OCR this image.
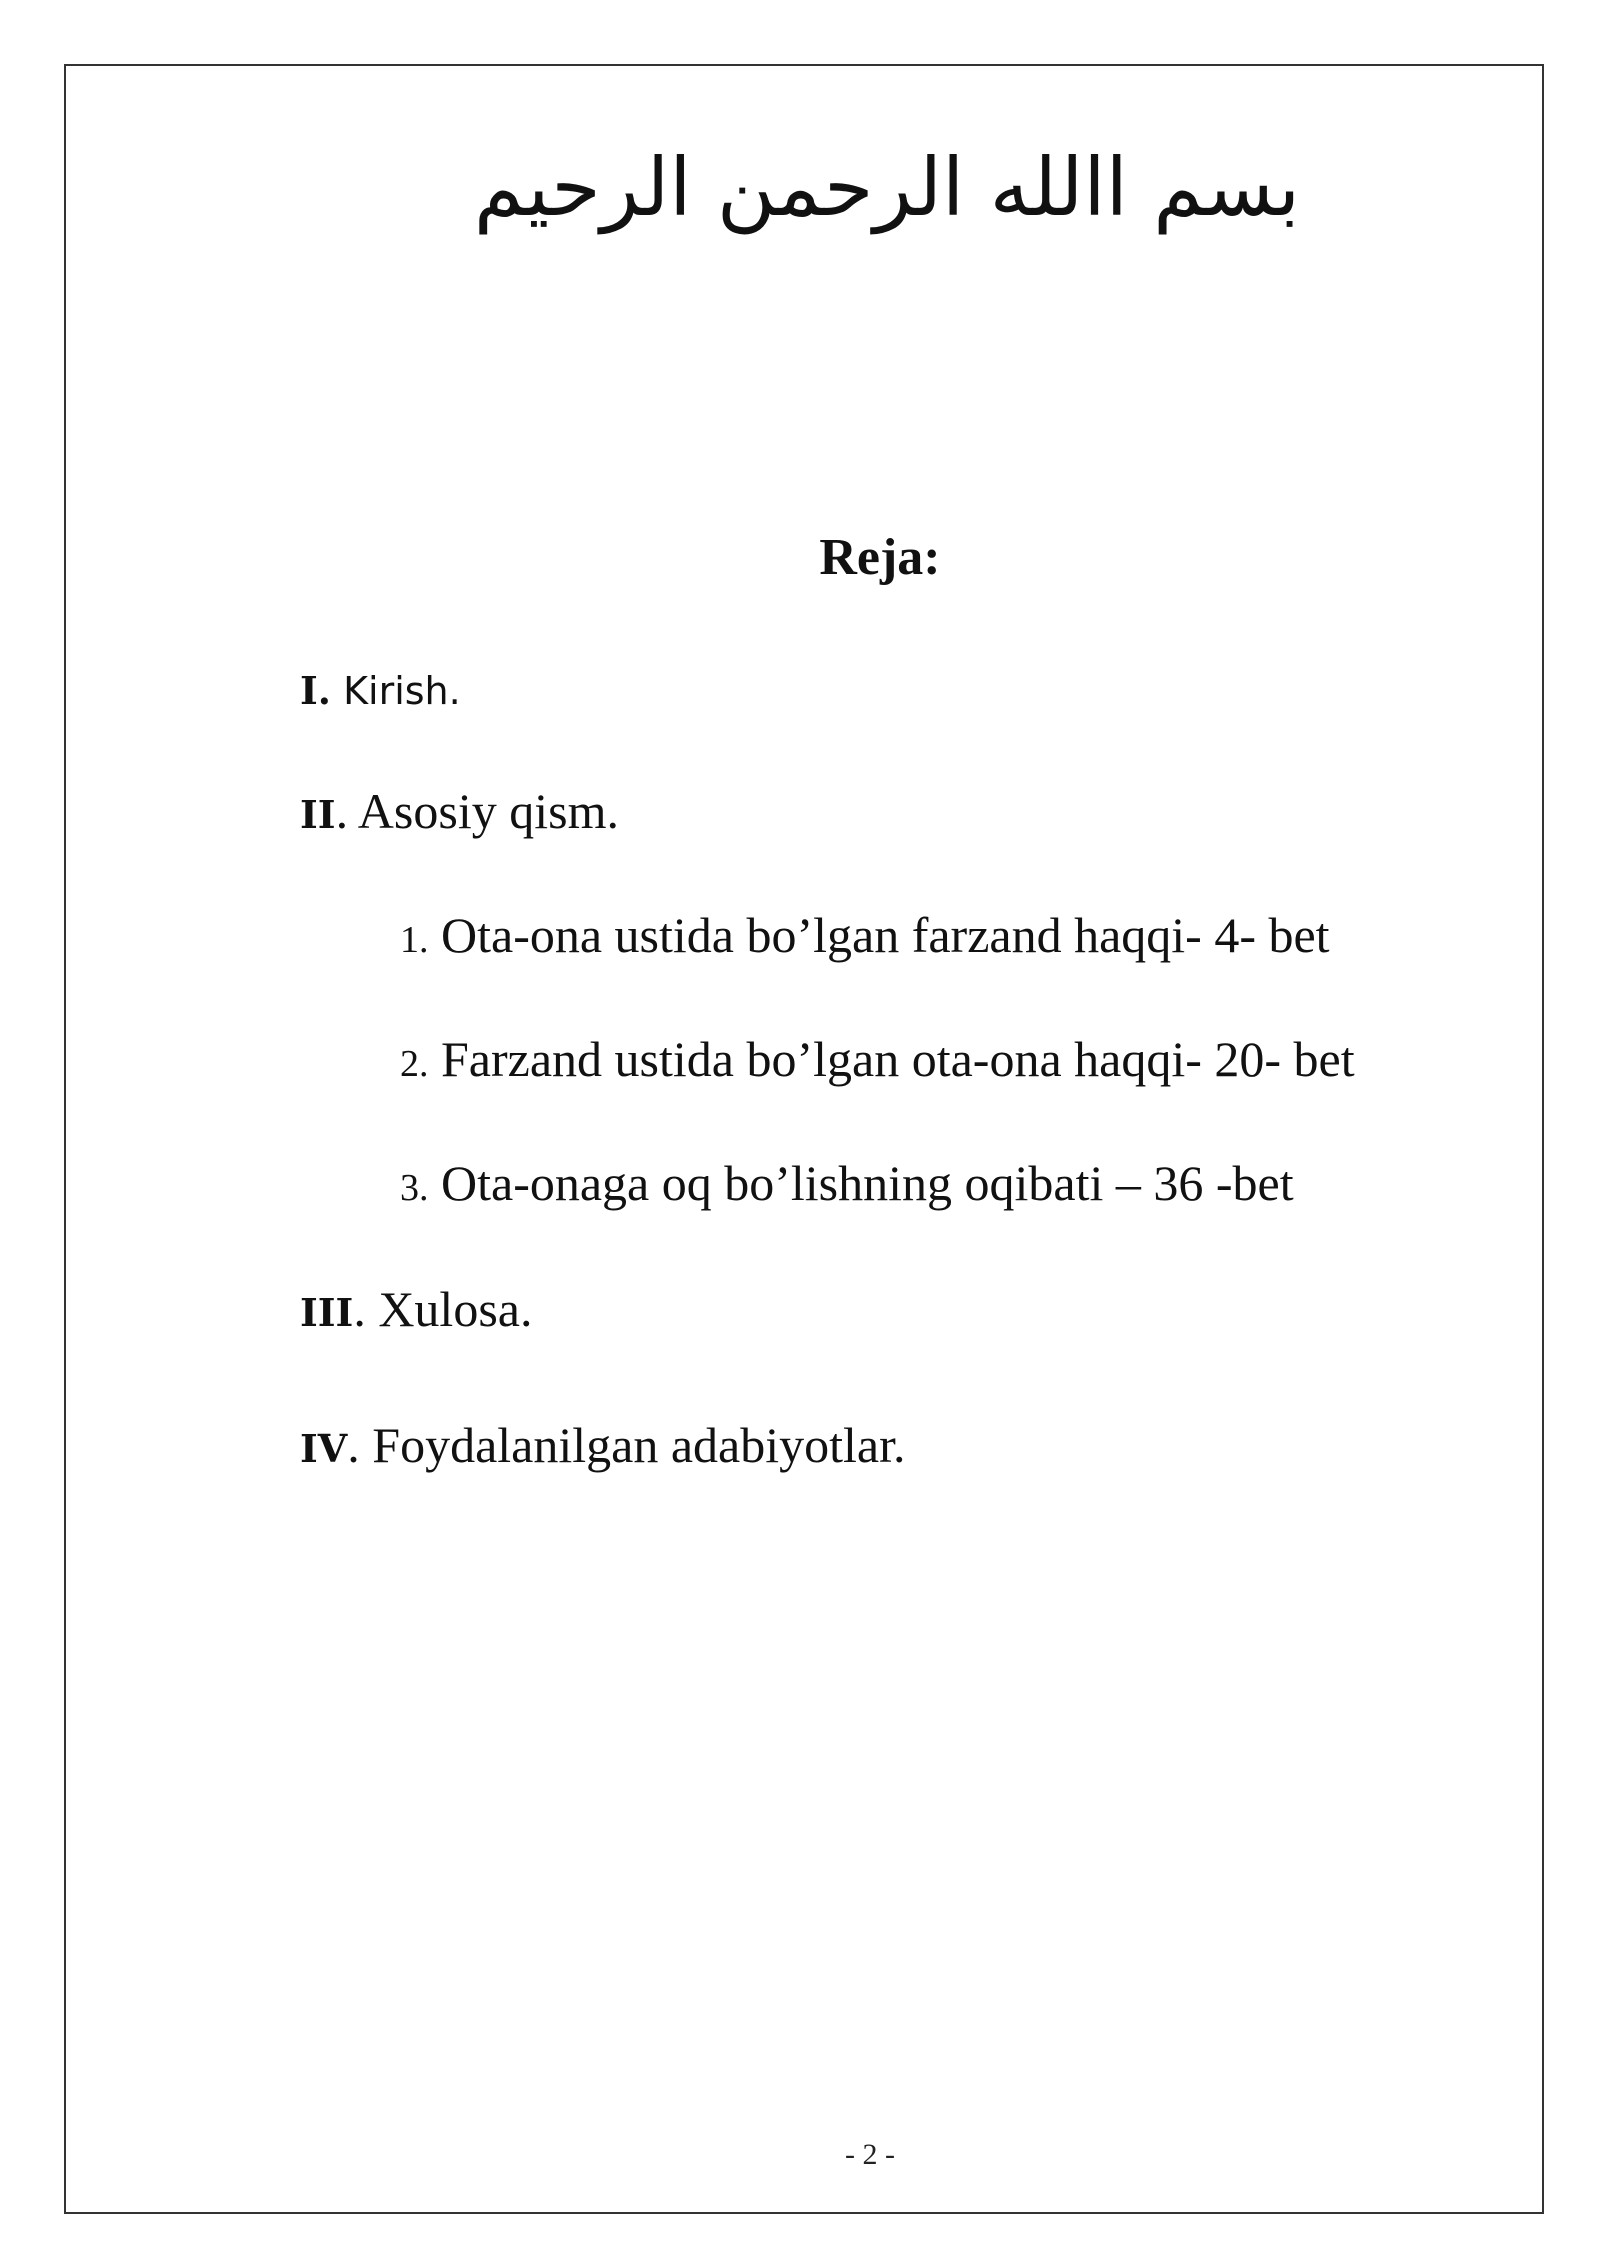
بسم االله الرحمن الرحيم
Reja:
I. Kirish.
II. Asosiy qism.
1. Ota-ona ustida bo’lgan farzand haqqi- 4- bet
2. Farzand ustida bo’lgan ota-ona haqqi- 20- bet
3. Ota-onaga oq bo’lishning oqibati – 36 -bet
III. Xulosa.
IV. Foydalanilgan adabiyotlar.
- 2 -
